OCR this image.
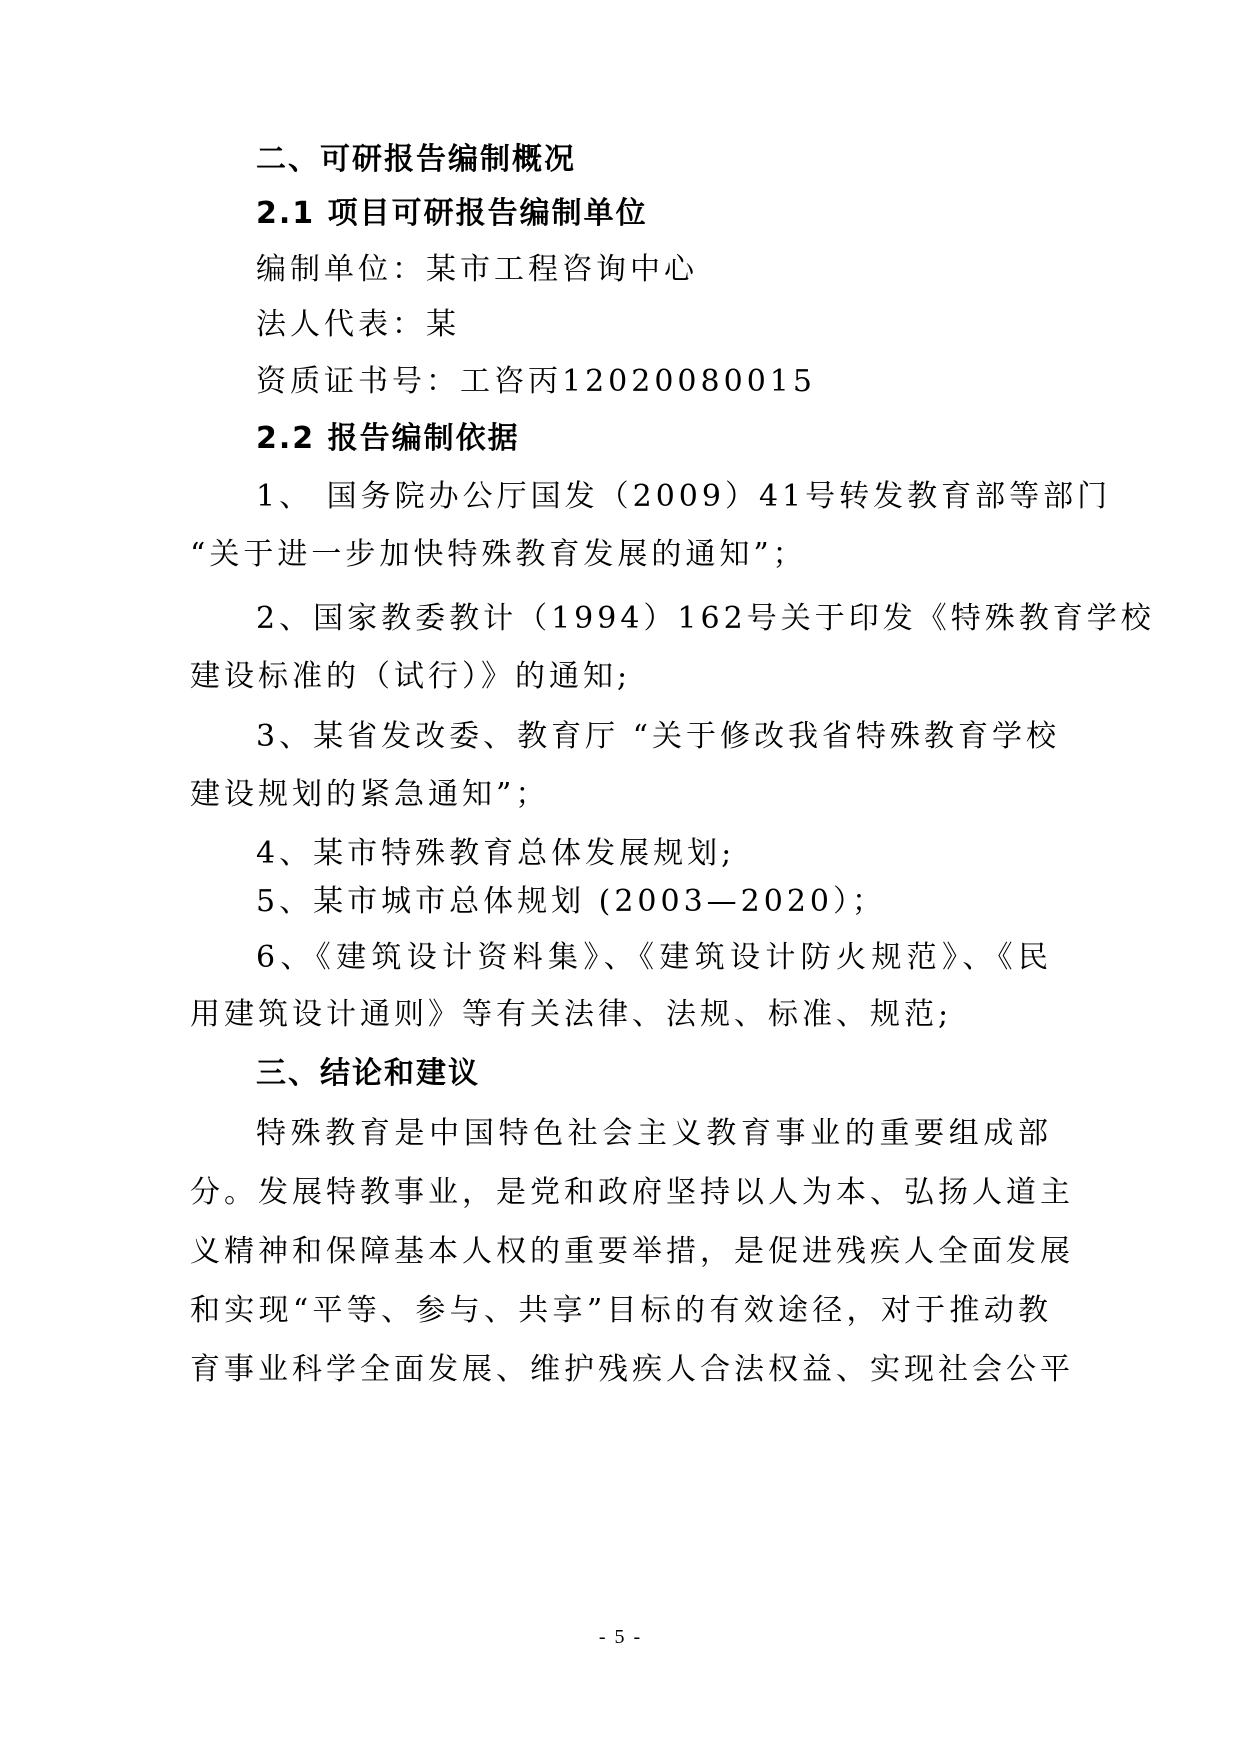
二、可研报告编制概况
2.1 项目可研报告编制单位
编制单位：某市工程咨询中心
法人代表：某
资质证书号：工咨丙12020080015
2.2 报告编制依据
1、 国务院办公厅国发（2009）41号转发教育部等部门
“关于进一步加快特殊教育发展的通知”；
2、国家教委教计（1994）162号关于印发《特殊教育学校
建设标准的（试行）》的通知;
3、某省发改委、教育厅 “关于修改我省特殊教育学校
建设规划的紧急通知”；
4、某市特殊教育总体发展规划;
5、某市城市总体规划 (2003—2020）；
6、《建筑设计资料集》、《建筑设计防火规范》、《民
用建筑设计通则》等有关法律、法规、标准、规范;
三、结论和建议
特殊教育是中国特色社会主义教育事业的重要组成部
分。发展特教事业，是党和政府坚持以人为本、弘扬人道主
义精神和保障基本人权的重要举措，是促进残疾人全面发展
和实现“平等、参与、共享”目标的有效途径，对于推动教
育事业科学全面发展、维护残疾人合法权益、实现社会公平
- 5 -
